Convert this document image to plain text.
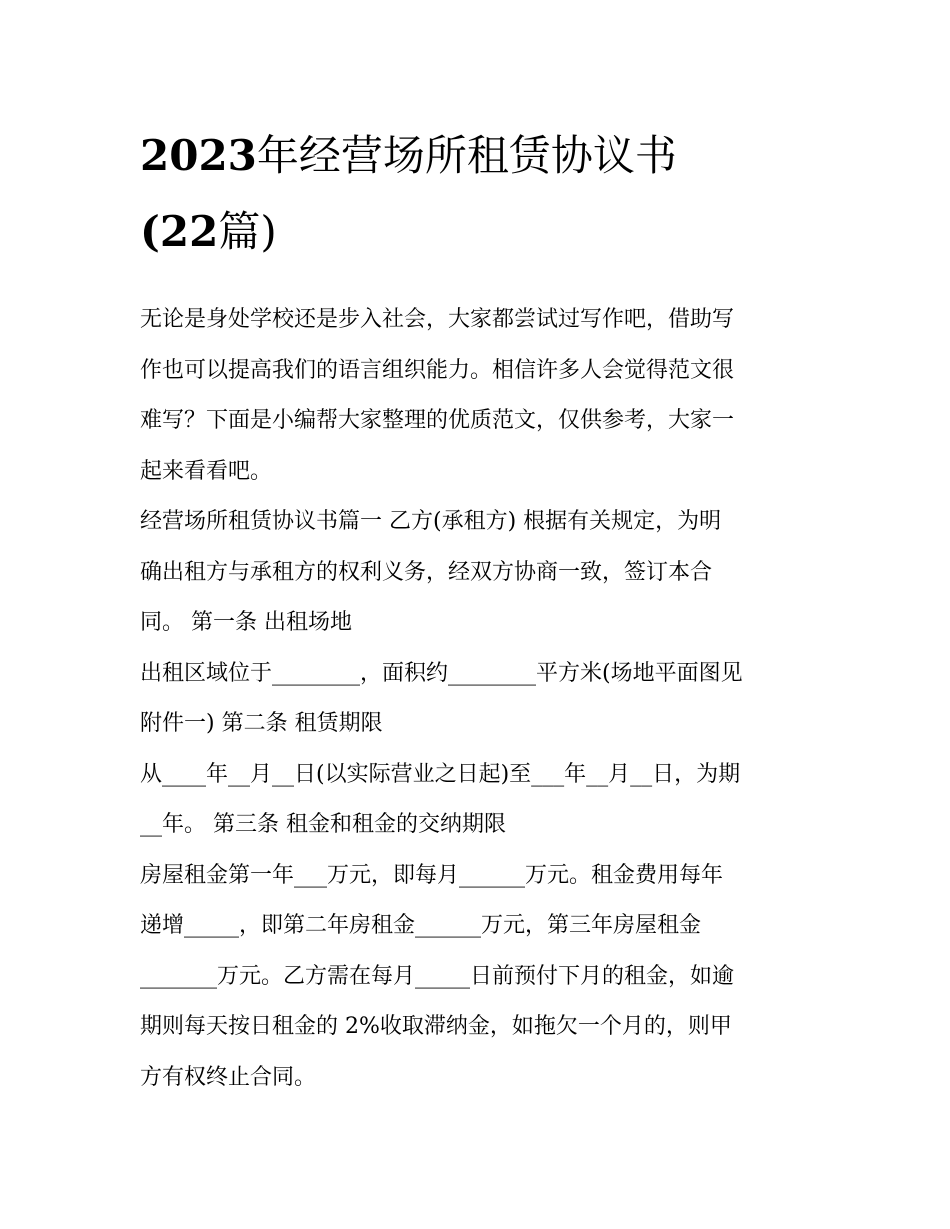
2023年经营场所租赁协议书
(22篇)

无论是身处学校还是步入社会，大家都尝试过写作吧，借助写
作也可以提高我们的语言组织能力。相信许多人会觉得范文很
难写？下面是小编帮大家整理的优质范文，仅供参考，大家一
起来看看吧。

经营场所租赁协议书篇一 乙方(承租方) 根据有关规定，为明
确出租方与承租方的权利义务，经双方协商一致，签订本合
同。 第一条 出租场地

出租区域位于________，面积约________平方米(场地平面图见
附件一) 第二条 租赁期限

从____年__月__日(以实际营业之日起)至___年__月__日，为期
__年。 第三条 租金和租金的交纳期限

房屋租金第一年___万元，即每月______万元。租金费用每年
递增_____，即第二年房租金______万元，第三年房屋租金
_______万元。乙方需在每月_____日前预付下月的租金，如逾
期则每天按日租金的 2%收取滞纳金，如拖欠一个月的，则甲
方有权终止合同。
